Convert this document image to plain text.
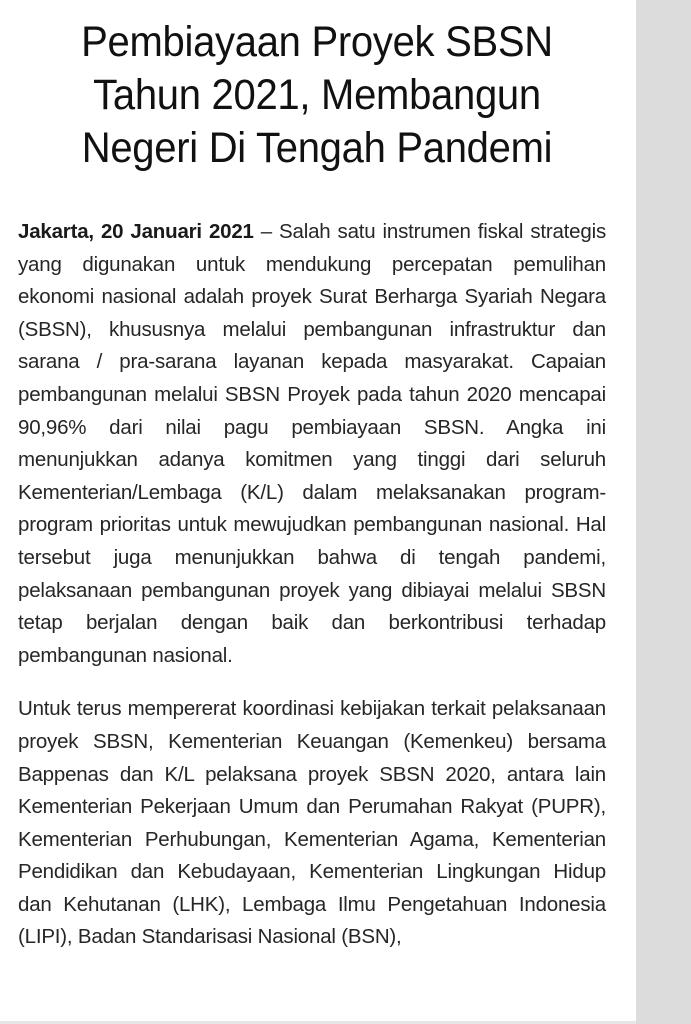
Pembiayaan Proyek SBSN Tahun 2021, Membangun Negeri Di Tengah Pandemi

Jakarta, 20 Januari 2021 – Salah satu instrumen fiskal strategis yang digunakan untuk mendukung percepatan pemulihan ekonomi nasional adalah proyek Surat Berharga Syariah Negara (SBSN), khususnya melalui pembangunan infrastruktur dan sarana / pra-sarana layanan kepada masyarakat. Capaian pembangunan melalui SBSN Proyek pada tahun 2020 mencapai 90,96% dari nilai pagu pembiayaan SBSN. Angka ini menunjukkan adanya komitmen yang tinggi dari seluruh Kementerian/Lembaga (K/L) dalam melaksanakan program-program prioritas untuk mewujudkan pembangunan nasional. Hal tersebut juga menunjukkan bahwa di tengah pandemi, pelaksanaan pembangunan proyek yang dibiayai melalui SBSN tetap berjalan dengan baik dan berkontribusi terhadap pembangunan nasional.

Untuk terus mempererat koordinasi kebijakan terkait pelaksanaan proyek SBSN, Kementerian Keuangan (Kemenkeu) bersama Bappenas dan K/L pelaksana proyek SBSN 2020, antara lain Kementerian Pekerjaan Umum dan Perumahan Rakyat (PUPR), Kementerian Perhubungan, Kementerian Agama, Kementerian Pendidikan dan Kebudayaan, Kementerian Lingkungan Hidup dan Kehutanan (LHK), Lembaga Ilmu Pengetahuan Indonesia (LIPI), Badan Standarisasi Nasional (BSN),
